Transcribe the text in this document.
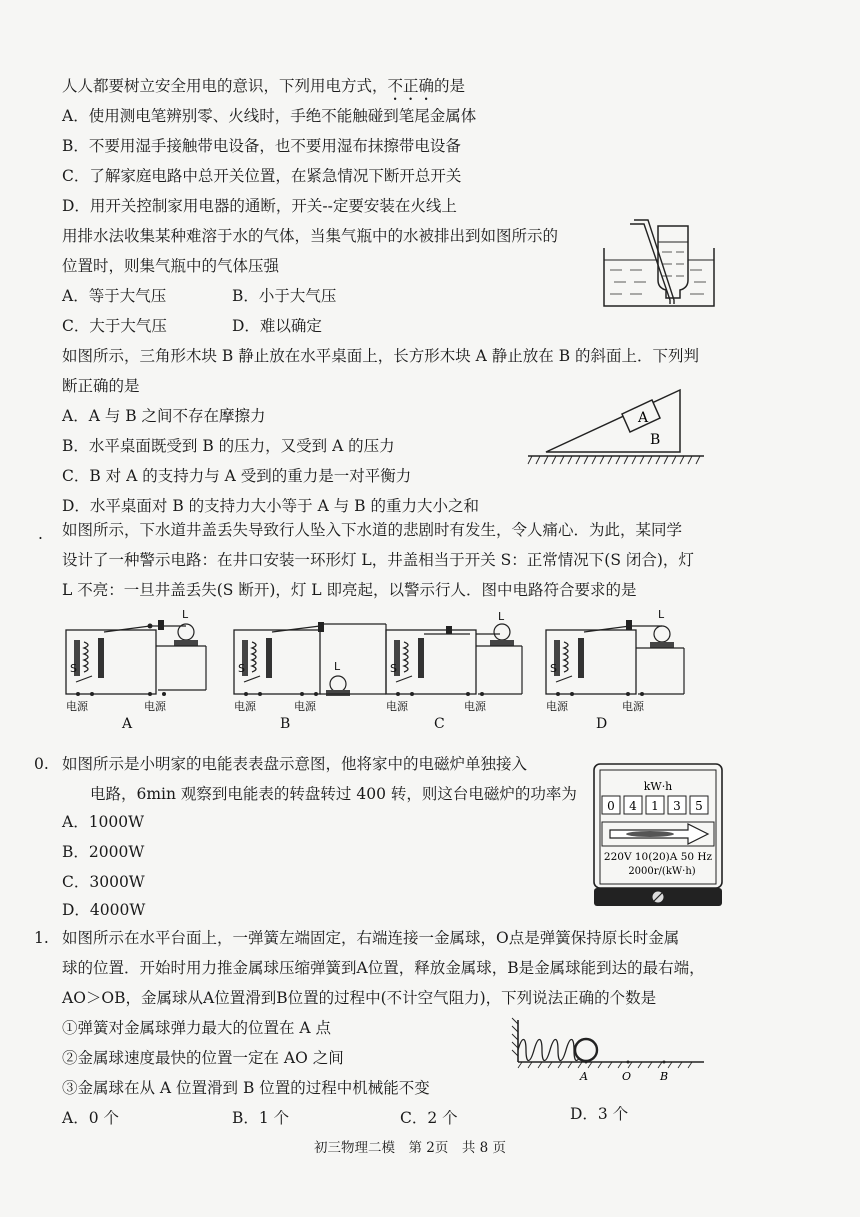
人人都要树立安全用电的意识，下列用电方式，不正确的是
A．使用测电笔辨别零、火线时，手绝不能触碰到笔尾金属体
B．不要用湿手接触带电设备，也不要用湿布抹擦带电设备
C．了解家庭电路中总开关位置，在紧急情况下断开总开关
D．用开关控制家用电器的通断，开关--定要安装在火线上
用排水法收集某种难溶于水的气体，当集气瓶中的水被排出到如图所示的
位置时，则集气瓶中的气体压强
A．等于大气压	B．小于大气压
C．大于大气压	D．难以确定
如图所示，三角形木块 B 静止放在水平桌面上，长方形木块 A 静止放在 B 的斜面上．下列判
断正确的是
A．A 与 B 之间不存在摩擦力
B．水平桌面既受到 B 的压力，又受到 A 的压力
C．B 对 A 的支持力与 A 受到的重力是一对平衡力
D．水平桌面对 B 的支持力大小等于 A 与 B 的重力大小之和
A
B
. 如图所示，下水道井盖丢失导致行人坠入下水道的悲剧时有发生，令人痛心．为此，某同学
设计了一种警示电路：在井口安装一环形灯 L，井盖相当于开关 S：正常情况下(S 闭合)，灯
L 不亮：一旦井盖丢失(S 断开)，灯 L 即亮起，以警示行人．图中电路符合要求的是
S
L
电源	电源
A
S	L
电源	电源
B
S
L
电源	电源
C
S
L
电源	电源
D
0. 如图所示是小明家的电能表表盘示意图，他将家中的电磁炉单独接入
电路，6min 观察到电能表的转盘转过 400 转，则这台电磁炉的功率为
A．1000W
B．2000W
C．3000W
D．4000W
kW·h
0 4 1 3 5
220V 10(20)A 50 Hz
2000r/(kW·h)
1. 如图所示在水平台面上，一弹簧左端固定，右端连接一金属球，O点是弹簧保持原长时金属
球的位置．开始时用力推金属球压缩弹簧到A位置，释放金属球，B是金属球能到达的最右端，
AO＞OB，金属球从A位置滑到B位置的过程中(不计空气阻力)，下列说法正确的个数是
①弹簧对金属球弹力最大的位置在 A 点
②金属球速度最快的位置一定在 AO 之间
③金属球在从 A 位置滑到 B 位置的过程中机械能不变
A．0 个	B．1 个	C．2 个	D．3 个
A	O	B
初三物理二模　第 2页　共 8 页
